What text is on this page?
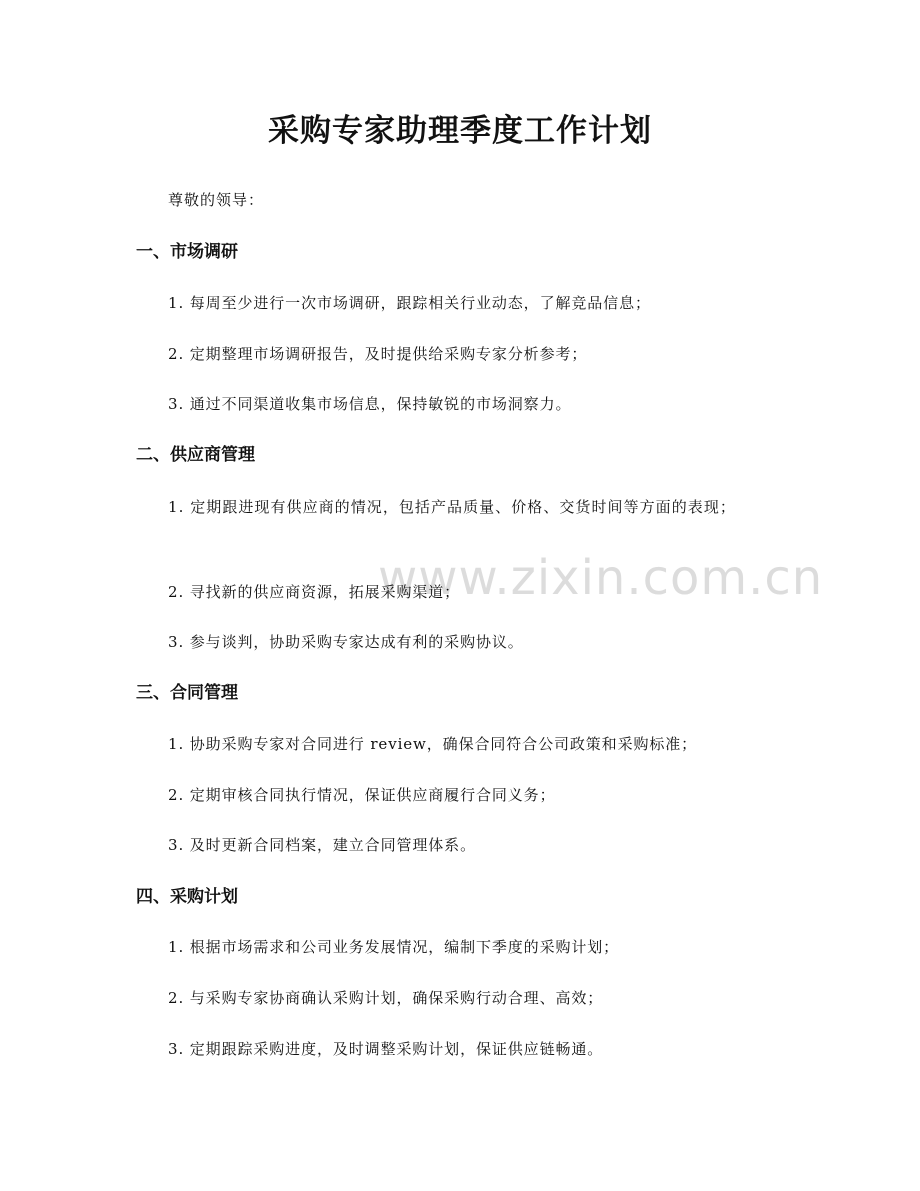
www.zixin.com.cn
采购专家助理季度工作计划

尊敬的领导：

一、市场调研

1. 每周至少进行一次市场调研，跟踪相关行业动态，了解竞品信息；

2. 定期整理市场调研报告，及时提供给采购专家分析参考；

3. 通过不同渠道收集市场信息，保持敏锐的市场洞察力。

二、供应商管理

1. 定期跟进现有供应商的情况，包括产品质量、价格、交货时间等方面的表现；

2. 寻找新的供应商资源，拓展采购渠道；

3. 参与谈判，协助采购专家达成有利的采购协议。

三、合同管理

1. 协助采购专家对合同进行 review，确保合同符合公司政策和采购标准；

2. 定期审核合同执行情况，保证供应商履行合同义务；

3. 及时更新合同档案，建立合同管理体系。

四、采购计划

1. 根据市场需求和公司业务发展情况，编制下季度的采购计划；

2. 与采购专家协商确认采购计划，确保采购行动合理、高效；

3. 定期跟踪采购进度，及时调整采购计划，保证供应链畅通。
